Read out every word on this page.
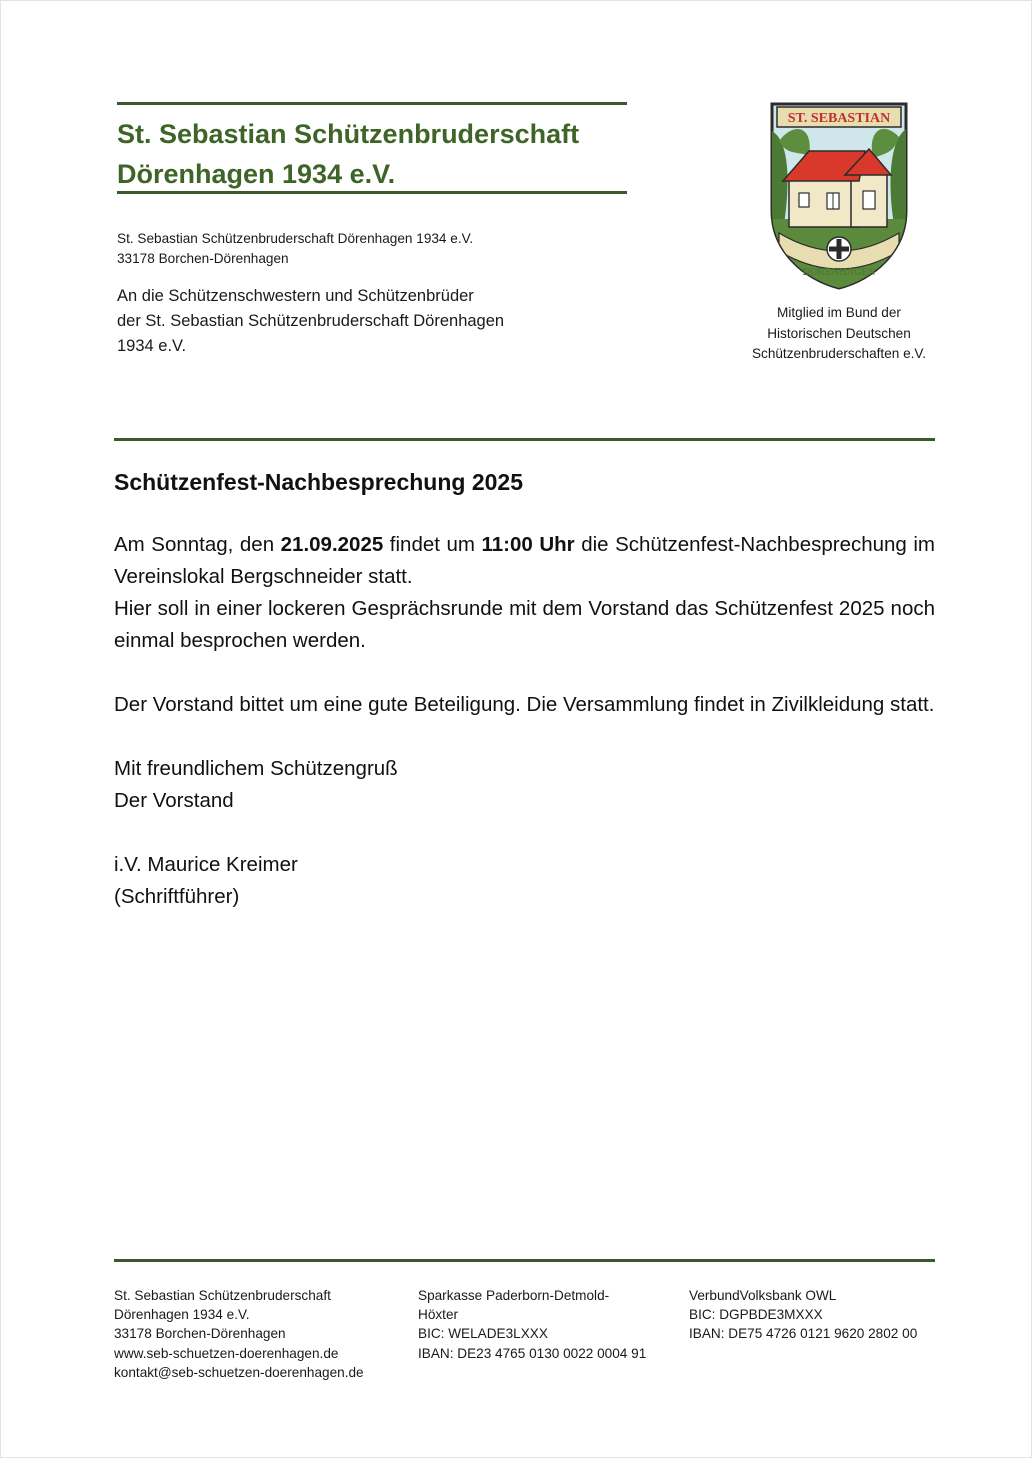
St. Sebastian Schützenbruderschaft
Dörenhagen 1934 e.V.
St. Sebastian Schützenbruderschaft Dörenhagen 1934 e.V.
33178 Borchen-Dörenhagen
An die Schützenschwestern und Schützenbrüder
der St. Sebastian Schützenbruderschaft Dörenhagen
1934 e.V.
ST. SEBASTIAN
DÖRENHAGEN
Mitglied im Bund der
Historischen Deutschen
Schützenbruderschaften e.V.
Schützenfest-Nachbesprechung 2025
Am Sonntag, den 21.09.2025 findet um 11:00 Uhr die Schützenfest-Nachbesprechung im Vereinslokal Bergschneider statt.
Hier soll in einer lockeren Gesprächsrunde mit dem Vorstand das Schützenfest 2025 noch einmal besprochen werden.
Der Vorstand bittet um eine gute Beteiligung. Die Versammlung findet in Zivilkleidung statt.
Mit freundlichem Schützengruß
Der Vorstand
i.V. Maurice Kreimer
(Schriftführer)
St. Sebastian Schützenbruderschaft
Dörenhagen 1934 e.V.
33178 Borchen-Dörenhagen
www.seb-schuetzen-doerenhagen.de
kontakt@seb-schuetzen-doerenhagen.de
Sparkasse Paderborn-Detmold-
Höxter
BIC: WELADE3LXXX
IBAN: DE23 4765 0130 0022 0004 91
VerbundVolksbank OWL
BIC: DGPBDE3MXXX
IBAN: DE75 4726 0121 9620 2802 00
